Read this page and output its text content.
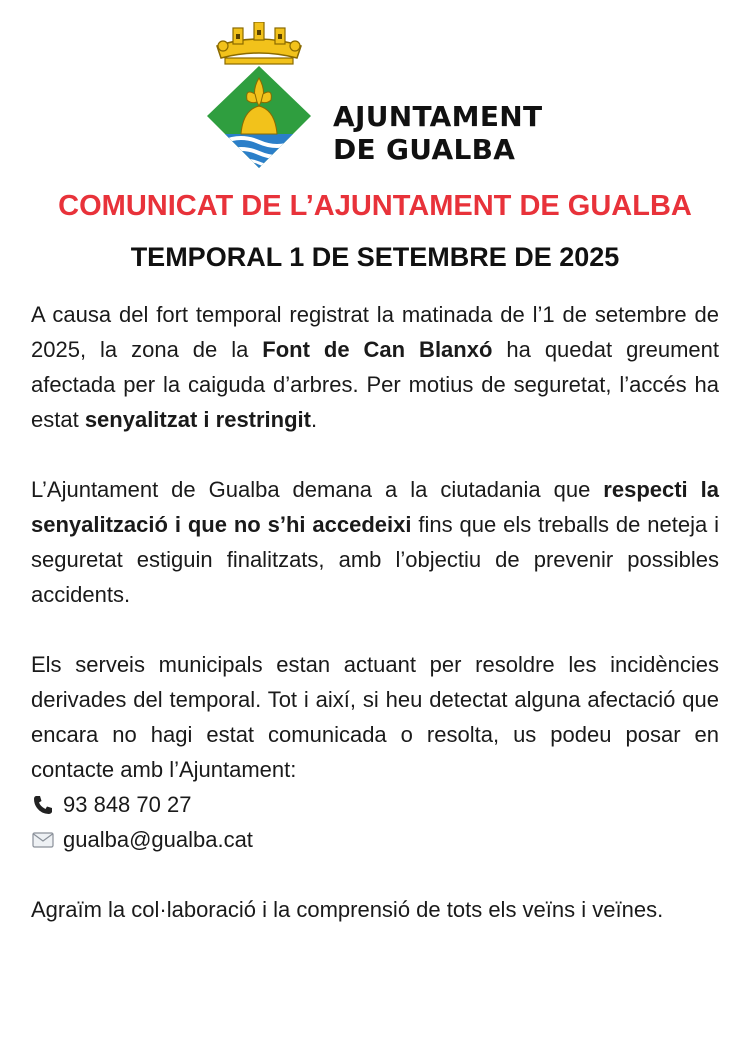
AJUNTAMENT
DE GUALBA
COMUNICAT DE L’AJUNTAMENT DE GUALBA
TEMPORAL 1 DE SETEMBRE DE 2025

A causa del fort temporal registrat la matinada de l’1 de setembre de 2025, la zona de la Font de Can Blanxó ha quedat greument afectada per la caiguda d’arbres. Per motius de seguretat, l’accés ha estat senyalitzat i restringit.

L’Ajuntament de Gualba demana a la ciutadania que respecti la senyalització i que no s’hi accedeixi fins que els treballs de neteja i seguretat estiguin finalitzats, amb l’objectiu de prevenir possibles accidents.

Els serveis municipals estan actuant per resoldre les incidències derivades del temporal. Tot i així, si heu detectat alguna afectació que encara no hagi estat comunicada o resolta, us podeu posar en contacte amb l’Ajuntament:

93 848 70 27
gualba@gualba.cat

Agraïm la col·laboració i la comprensió de tots els veïns i veïnes.
